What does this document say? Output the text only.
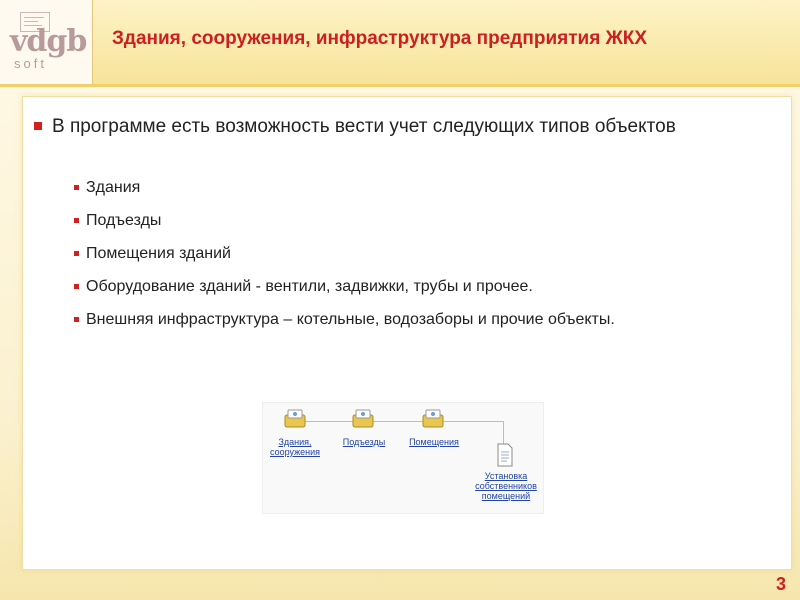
vdgb
soft
Здания, сооружения, инфраструктура предприятия ЖКХ

В программе есть возможность вести учет следующих типов объектов

Здания
Подъезды
Помещения зданий
Оборудование зданий - вентили, задвижки, трубы и прочее.
Внешняя инфраструктура – котельные, водозаборы и прочие объекты.
Здания, сооружения
Подъезды	Помещения
Установка собственников помещений
3
